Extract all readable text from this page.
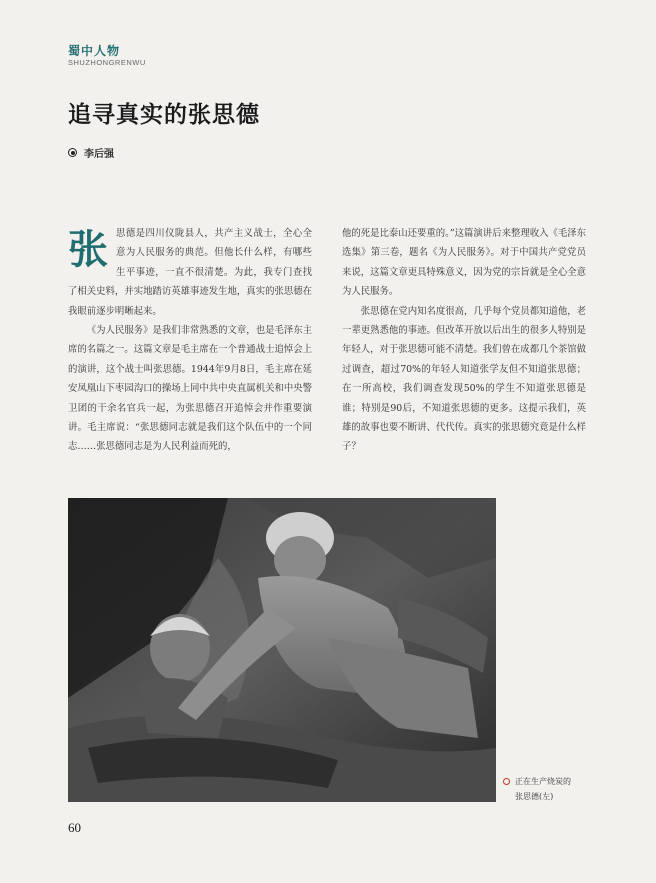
蜀中人物
SHUZHONGRENWU
追寻真实的张思德
李后强

张思德是四川仪陇县人，共产主义战士，全心全意为人民服务的典范。但他长什么样，有哪些生平事迹，一直不很清楚。为此，我专门查找了相关史料，并实地踏访英雄事迹发生地，真实的张思德在我眼前逐步明晰起来。

《为人民服务》是我们非常熟悉的文章，也是毛泽东主席的名篇之一。这篇文章是毛主席在一个普通战士追悼会上的演讲，这个战士叫张思德。1944年9月8日，毛主席在延安凤凰山下枣园沟口的操场上同中共中央直属机关和中央警卫团的干余名官兵一起，为张思德召开追悼会并作重要演讲。毛主席说：“张思德同志就是我们这个队伍中的一个同志……张思德同志是为人民利益而死的，

他的死是比泰山还要重的。”这篇演讲后来整理收入《毛泽东选集》第三卷，题名《为人民服务》。对于中国共产党党员来说，这篇文章更具特殊意义，因为党的宗旨就是全心全意为人民服务。

张思德在党内知名度很高，几乎每个党员都知道他，老一辈更熟悉他的事迹。但改革开放以后出生的很多人特别是年轻人，对于张思德可能不清楚。我们曾在成都几个茶馆做过调查，超过70%的年轻人知道张学友但不知道张思德；在一所高校，我们调查发现50%的学生不知道张思德是谁；特别是90后，不知道张思德的更多。这提示我们，英雄的故事也要不断讲、代代传。真实的张思德究竟是什么样子？

正在生产烧炭的
张思德(左)
60
